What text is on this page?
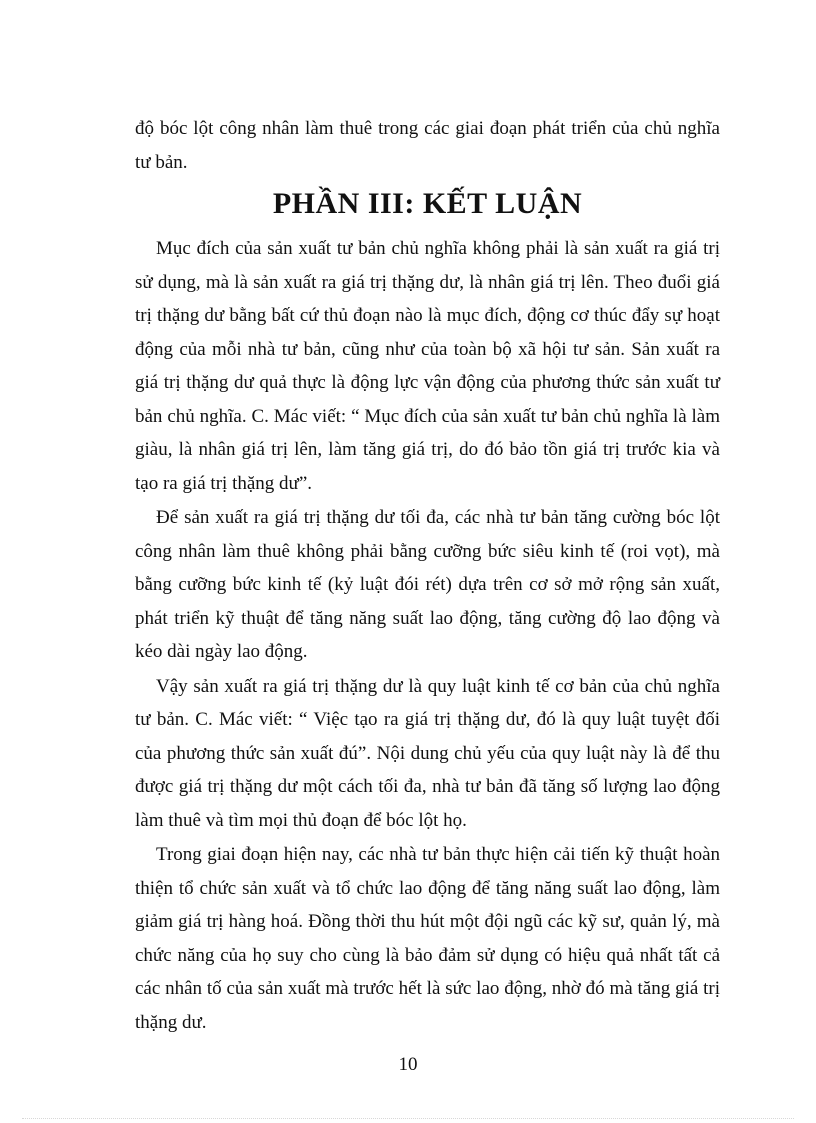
độ bóc lột công nhân làm thuê trong các giai đoạn phát triển của chủ nghĩa tư bản.

PHẦN III: KẾT LUẬN

Mục đích của sản xuất tư bản chủ nghĩa không phải là sản xuất ra giá trị sử dụng, mà là sản xuất ra giá trị thặng dư, là nhân giá trị lên. Theo đuổi giá trị thặng dư bằng bất cứ thủ đoạn nào là mục đích, động cơ thúc đẩy sự hoạt động của mỗi nhà tư bản, cũng như của toàn bộ xã hội tư sản. Sản xuất ra giá trị thặng dư quả thực là động lực vận động của phương thức sản xuất tư bản chủ nghĩa. C. Mác viết: “ Mục đích của sản xuất tư bản chủ nghĩa là làm giàu, là nhân giá trị lên, làm tăng giá trị, do đó bảo tồn giá trị trước kia và tạo ra giá trị thặng dư”.

Để sản xuất ra giá trị thặng dư tối đa, các nhà tư bản tăng cường bóc lột công nhân làm thuê không phải bằng cưỡng bức siêu kinh tế (roi vọt), mà bằng cưỡng bức kinh tế (kỷ luật đói rét) dựa trên cơ sở mở rộng sản xuất, phát triển kỹ thuật để tăng năng suất lao động, tăng cường độ lao động và kéo dài ngày lao động.

Vậy sản xuất ra giá trị thặng dư là quy luật kinh tế cơ bản của chủ nghĩa tư bản. C. Mác viết: “ Việc tạo ra giá trị thặng dư, đó là quy luật tuyệt đối của phương thức sản xuất đú”. Nội dung chủ yếu của quy luật này là để thu được giá trị thặng dư một cách tối đa, nhà tư bản đã tăng số lượng lao động làm thuê và tìm mọi thủ đoạn để bóc lột họ.

Trong giai đoạn hiện nay, các nhà tư bản thực hiện cải tiến kỹ thuật hoàn thiện tổ chức sản xuất và tổ chức lao động để tăng năng suất lao động, làm giảm giá trị hàng hoá. Đồng thời thu hút một đội ngũ các kỹ sư, quản lý, mà chức năng của họ suy cho cùng là bảo đảm sử dụng có hiệu quả nhất tất cả các nhân tố của sản xuất mà trước hết là sức lao động, nhờ đó mà tăng giá trị thặng dư.

10
